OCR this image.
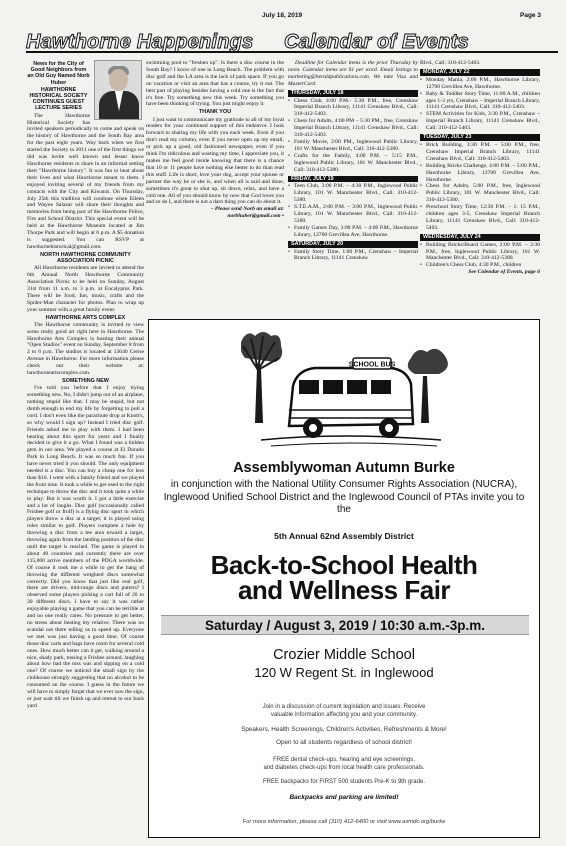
July 18, 2019	Page 3
Hawthorne Happenings Calendar of Events
News for the City of Good Neighbors from an Old Guy Named Norb Huber
HAWTHORNE HISTORICAL SOCIETY CONTINUES GUEST LECTURE SERIES

The Hawthorne Historical Society has invited speakers periodically to come and speak on the history of Hawthorne and the South Bay area for the past eight years. Way back when we first started the Society in 2011 one of the first things we did was invite well known and lesser know Hawthorne residents to share in an informal setting their "Hawthorne history". It was fun to hear about their lives and what Hawthorne meant to them. I enjoyed inviting several of my friends from my contacts with the City and Kiwanis. On Thursday, July 25th this tradition will continue when Eileen and Wayne Salazar will share their thoughts and memories from being part of the Hawthorne Police, Fire and School District. This special event will be held at the Hawthorne Museum located at Jim Thorpe Park and will begin at 6 p.m. A $5 donation is suggested. You can RSVP at hawthornehistorical@gmail.com.

NORTH HAWTHORNE COMMUNITY ASSOCIATION PICNIC

All Hawthorne residents are invited to attend the 6th Annual North Hawthorne Community Association Picnic to be held on Sunday, August 31st from 11 a.m. to 3 p.m. at Eucalyptus Park. There will be food, fun, music, crafts and the Spider-Man character for photos. Plan to wrap up your summer with a great family event.

HAWTHORNE ARTS COMPLEX

The Hawthorne community is invited to view some really good art right here in Hawthorne. The Hawthorne Arts Complex is hosting their annual "Open Studios" event on Sunday, September 8 from 2 to 6 p.m. The studios is located at 13640 Cerise Avenue in Hawthorne. For more information please check out their website at: hawthorneartscomplex.com.

SOMETHING NEW

I've told you before that I enjoy trying something new. No, I didn't jump out of an airplane, nothing stupid like that. I may be stupid, but not dumb enough to end my life by forgetting to pull a cord. I don't even like the parachute drop at Knott's, so why would I sign up? Instead I tried disc golf. Friends asked me to play with them. I had been hearing about this sport for years and I finally decided to give it a go. What I found was a hidden gem in our area. We played a course at El Dorado Park in Long Beach. It was so much fun. If you have never tried it you should. The only equipment needed is a disc. You can buy a cheap one for less than $10. I went with a family friend and we played the front nine. It took a while to get used to the right technique to throw the disc and it took quite a while to play. But it was worth it. I got a little exercise and a lot of laughs. Disc golf (occasionally called Frisbee golf or frolf) is a flying disc sport in which players throw a disc at a target; it is played using rules similar to golf. Players complete a hole by throwing a disc from a tee area toward a target, throwing again from the landing position of the disc until the target is reached. The game is played in about 40 countries and currently there are over 115,000 active members of the PDGA worldwide. Of course it took me a while to get the hang of throwing the different weighted discs somewhat correctly. Did you know that just like real golf, there are drivers, mid-range discs and putters? I observed some players picking a cart full of 20 to 30 different discs. I have to say it was rather enjoyable playing a game that you can be terrible at and no one really cares. No pressure to get better, no stress about beating my relative. There was no scandal out there telling us to speed up. Everyone we met was just having a good time. Of course those disc carts and bags have room for several cold ones. How much better can it get, walking around a nice, shady park, tossing a Frisbee around, laughing about how bad the toss was and sipping on a cold one? Of course we noticed the small sign by the clubhouse strongly suggesting that no alcohol to be consumed on the course. I guess in the future we will have to simply forget that we ever saw the sign, or just wait till we finish up and retreat to our back yard

swimming pool to "freshen up". Is there a disc course in the South Bay? I know of one in Long Beach. The problem with disc golf and the LA area is the lack of park space. If you go on vacation or visit an area that has a course, try it out. The best part of playing besides having a cold one is the fact that it's free. Try something new this week. Try something you have been thinking of trying. You just might enjoy it.

THANK YOU

I just want to communicate my gratitude to all of my loyal readers for your continued support of this endeavor. I look forward to sharing my life with you each week. Even if you don't read my column, even if you never open up my email, or pick up a good, old fashioned newspaper, even if you think I'm ridiculous and wasting my time, I appreciate you, it makes me feel good inside knowing that there is a chance that 10 or 11 people have nothing else better to do than read this stuff. Life is short, love your dog, accept your spouse or partner the way he or she is, and when all is said and done, sometimes it's great to shut up, sit down, relax, and have a cold one. All of you should know by now that God loves you and so do I, and there is not a darn thing you can do about it.

– Please send Norb an email at:

norbhuber@gmail.com •

Deadline for Calendar items is the prior Thursday by noon. Calendar items are $1 per word. Email listings to marketing@heraldpublications.com. We take Visa and MasterCard.

THURSDAY, JULY 18
• Chess Club, 4:00 P.M.- 5:30 P.M., free, Crenshaw Imperial Branch Library, 11141 Crenshaw Blvd., Call: 310-412-5403.
• Chess for Adults, 4:00 PM – 5:30 PM., free, Crenshaw Imperial Branch Library, 11141 Crenshaw Blvd., Call: 310-412-5403.
• Family Movie, 2:00 PM., Inglewood Public Library, 101 W. Manchester Blvd., Call: 310-412-5380.
• Crafts for the Family, 4:00 P.M. – 5:15 P.M., Inglewood Public Library, 101 W. Manchester Blvd., Call: 310-412-5380.
FRIDAY, JULY 19
• Teen Club, 3:00 P.M. – 4:30 P.M., Inglewood Public Library, 101 W. Manchester Blvd., Call: 310-412-5380.
• S.T.E.A.M., 2:00 P.M. – 3:00 P.M., Inglewood Public Library, 101 W. Manchester Blvd., Call: 310-412-5380.
• Family Games Day, 3:00 P.M. – 4:00 P.M., Hawthorne Library, 12700 Grevillea Ave, Hawthorne.
SATURDAY, JULY 20
• Family Story Time, 1:00 P.M., Crenshaw – Imperial Branch Library, 11141 Crenshaw

Blvd., Call: 310-412-5403.

MONDAY, JULY 22
• Monday Mania, 2:00 P.M., Hawthorne Library, 12700 Grevillea Ave, Hawthorne.
• Baby & Toddler Story Time, 11:00 A.M., children ages 1-3 yrs, Crenshaw – Imperial Branch Library, 11141 Crenshaw Blvd., Call: 310-412-5403.
• STEM Activities for Kids, 3:30 P.M., Crenshaw – Imperial Branch Library, 11141 Crenshaw Blvd., Call: 310-412-5403.
TUESDAY, JULY 23
• Brick Building, 3:30 P.M. – 5:00 P.M., free, Crenshaw Imperial Branch Library, 11141 Crenshaw Blvd., Call: 310-412-5403.
• Building Bricks Challenge, 4:00 P.M. – 5:00 P.M., Hawthorne Library, 12700 Grevillea Ave, Hawthorne.
• Chess for Adults, 5:00 P.M., free, Inglewood Public Library, 101 W. Manchester Blvd., Call: 310-412-5380.
• Preschool Story Time, 12:30 P.M. – 1: 15 P.M., children ages 3-5, Crenshaw Imperial Branch Library, 11141 Crenshaw Blvd., Call: 310-412-5403.
WEDNESDAY, JULY 24
• Building Bricks/Board Games, 2:00 P.M. – 3:30 P.M., free, Inglewood Public Library, 101 W. Manchester Blvd., Call: 310-412-5380.
• Children's Chess Club, 4:30 P.M., children

See Calendar of Events, page 6

SCHOOL BUS
Assemblywoman Autumn Burke
in conjunction with the National Utility Consumer Rights Association (NUCRA), Inglewood Unified School District and the Inglewood Council of PTAs invite you to the
5th Annual 62nd Assembly District
Back-to-School Health
and Wellness Fair
Saturday / August 3, 2019 / 10:30 a.m.-3p.m.
Crozier Middle School
120 W Regent St. in Inglewood
Join in a discussion of current legislation and issues. Receive
valuable information affecting you and your community.
Speakers, Health Screenings, Children's Activities, Refreshments & More!
Open to all students regardless of school district!
FREE dental check-ups, hearing and eye screenings,
and diabetes check-ups from local health care professionals.
FREE backpacks for FIRST 500 students Pre-K to 9th grade.
Backpacks and parking are limited!
For more information, please call (310) 412-6400 or visit www.asmdc.org/burke
